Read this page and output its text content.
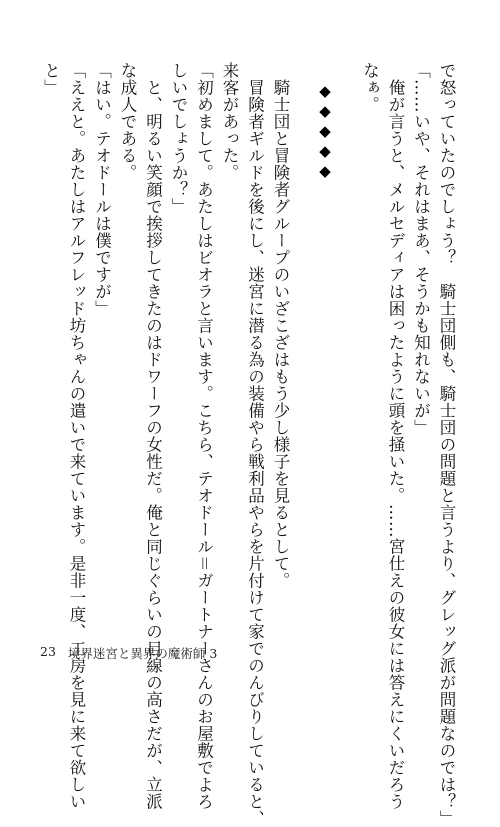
で怒っていたのでしょう？　騎士団側も、騎士団の問題と言うより、グレッグ派が問題なのでは？」
「……いや、それはまあ、そうかも知れないが」
　俺が言うと、メルセディアは困ったように頭を掻いた。……宮仕えの彼女には答えにくいだろう
なぁ。
◆◆◆◆◆
　騎士団と冒険者グループのいざこざはもう少し様子を見るとして。
　冒険者ギルドを後にし、迷宮に潜る為の装備やら戦利品やらを片付けて家でのんびりしていると、
来客があった。
「初めまして。あたしはビオラと言います。こちら、テオドール＝ガートナーさんのお屋敷でよろ
しいでしょうか？」
　と、明るい笑顔で挨拶してきたのはドワーフの女性だ。俺と同じぐらいの目線の高さだが、立派
な成人である。
「はい。テオドールは僕ですが」
「ええと。あたしはアルフレッド坊ちゃんの遣いで来ています。是非一度、工房を見に来て欲しい
と」
23 境界迷宮と異界の魔術師 3
